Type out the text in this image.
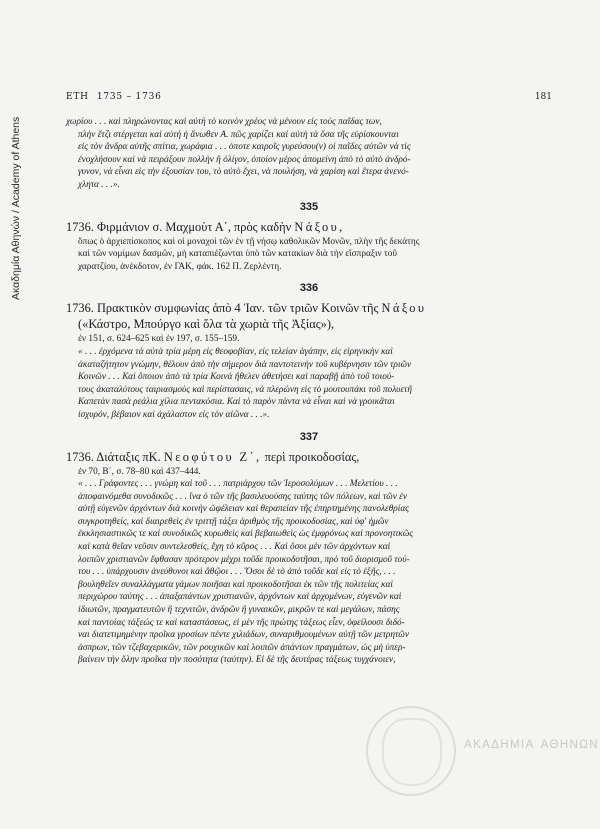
Ακαδημία Αθηνών / Academy of Athens
ΕΤΗ 1735 – 1736	181

χωρίου . . . καὶ πληρώνοντας καὶ αὐτὴ τὸ κοινὸν χρέος νὰ μένουν εἰς τοὺς παῖδας των,

πλὴν ἔτζι στέργεται καὶ αὐτὴ ἡ ἄνωθεν Α. πῶς χαρίζει καὶ αὐτὴ τὰ ὅσα τῆς εὑρίσκουνται

εἰς τὸν ἄνδρα αὐτῆς σπίτια, χωράφια . . . ὁποτε καιροῖς γυρεύσου(ν) οἱ παῖδες αὐτῶν νὰ τὶς

ἐνοχλήσουν καὶ νὰ πειράξουν πολλὴν ἢ ὀλίγον, ὁποίον μέρος ἀπομείνη ἀπὸ τὸ αὐτὸ ἀνδρό-

γυνον, νὰ εἶναι εἰς τὴν ἐξουσίαν του, τὸ αὐτὸ ἔχει, νὰ πουλήση, νὰ χαρίση καὶ ἕτερα ἀνενό-

χλητα . . .».

335
1736. Φιρμάνιον σ. Μαχμοὺτ Α΄, πρὸς καδὴν Νάξου,

ὅπως ὁ ἀρχιεπίσκοπος καὶ οἱ μοναχοὶ τῶν ἐν τῇ νήσῳ καθολικῶν Μονῶν, πλὴν τῆς δεκάτης

καὶ τῶν νομίμων δασμῶν, μὴ καταπιέζωνται ὑπὸ τῶν κατακίων διὰ τὴν εἴσπραξιν τοῦ

χαρατζίου, ἀνέκδοτον, ἐν ΓΑΚ, φάκ. 162 Π. Ζερλέντη.

336
1736. Πρακτικὸν συμφωνίας ἀπὸ 4 Ἰαν. τῶν τριῶν Κοινῶν τῆς Νάξου
(«Κάστρο, Μπούργο καὶ ὅλα τὰ χωριὰ τῆς Ἀξίας»),

ἐν 151, σ. 624–625 καὶ ἐν 197, σ. 155–159.

« . . . ἐρχόμενα τὰ αὐτὰ τρία μέρη εἰς θεοφοβίαν, εἰς τελείαν ἀγάπην, εἰς εἰρηνικὴν καὶ

ἀκαταζήτητον γνώμην, θέλουν ἀπὸ τὴν σήμερον διὰ παντοτεινὴν τοῦ κυβέρνησιν τῶν τριῶν

Κοινῶν . . . Καὶ ὅποιον ἀπὸ τὰ τρία Κοινὰ ἤθελεν ἀθετήσει καὶ παραβῇ ἀπὸ τοῦ τοιού-

τους ἀκαταλύτους ταιριασμοὺς καὶ περίστασαις, νὰ πλερώνη εἰς τὸ μουτουπάκι τοῦ πολυετῆ

Καπετὰν πασὰ ρεάλια χίλια πεντακόσια. Καὶ τὸ παρὸν πάντα νὰ εἶναι καὶ νὰ γροικᾶται

ἰσχυρόν, βέβαιον καὶ ἀχάλαστον εἰς τὸν αἰῶνα . . .».

337
1736. Διάταξις πΚ. Νεοφύτου Ζ΄, περὶ προικοδοσίας,

ἐν 70, Β΄, σ. 78–80 καὶ 437–444.

« . . . Γράφοντες . . . γνώμη καὶ τοῦ . . . πατριάρχου τῶν Ἱεροσολύμων . . . Μελετίου . . .

ἀποφαινόμεθα συνοδικῶς . . . ἵνα ὁ τῶν τῆς βασιλευούσης ταύτης τῶν πόλεων, καὶ τῶν ἐν

αὐτῇ εὐγενῶν ἀρχόντων διὰ κοινὴν ὠφέλειαν καὶ θεραπείαν τῆς ἐπηρτημένης πανολεθρίας

συγκροτηθείς, καὶ διαιρεθεὶς ἐν τριττῇ τάξει ἀριθμὸς τῆς προικοδοσίας, καὶ ὑφ' ἡμῶν

ἐκκλησιαστικῶς τε καὶ συνοδικῶς κυρωθεὶς καὶ βεβαιωθεὶς ὡς ἐμφρόνως καὶ προνοητικῶς

καὶ κατὰ θεῖαν νεῦσιν συντελεσθείς, ἔχη τὸ κῦρος . . . Καὶ ὅσοι μὲν τῶν ἀρχόντων καὶ

λοιπῶν χριστιανῶν ἔφθασαν πρότερον μέχρι τοῦδε προικοδοτῆσαι, πρὸ τοῦ διορισμοῦ τού-

του . . . ὑπάρχουσιν ἀνεύθυνοι καὶ ἄθῷοι . . . Ὅσοι δὲ τὸ ἀπὸ τοῦδε καὶ εἰς τὸ ἑξῆς, . . .

βουληθεῖεν συναλλάγματα γάμων ποιῆσαι καὶ προικοδοτῆσαι ἐκ τῶν τῆς πολιτείας καὶ

περιχώρου ταύτης . . . ἁπαξαπάντων χριστιανῶν, ἀρχόντων καὶ ἀρχομένων, εὐγενῶν καὶ

ἰδιωτῶν, πραγματευτῶν ἢ τεχνιτῶν, ἀνδρῶν ἢ γυναικῶν, μικρῶν τε καὶ μεγάλων, πάσης

καὶ παντοίας τάξεώς τε καὶ καταστάσεως, εἰ μὲν τῆς πρώτης τάξεως εἶεν, ὀφείλουσι διδό-

ναι διατετιμημένην προῖκα γροσίων πέντε χιλιάδων, συναριθμουμένων αὐτῇ τῶν μετρητῶν

ἀσπρων, τῶν τζεβαχερικῶν, τῶν ρουχικῶν καὶ λοιπῶν ἁπάντων πραγμάτων, ὡς μὴ ὑπερ-

βαίνειν τὴν ὅλην προῖκα τὴν ποσότητα (ταύτην). Εἰ δὲ τῆς δευτέρας τάξεως τυγχάνοιεν,

ΑΚΑΔΗΜΙΑ ΑΘΗΝΩΝ
